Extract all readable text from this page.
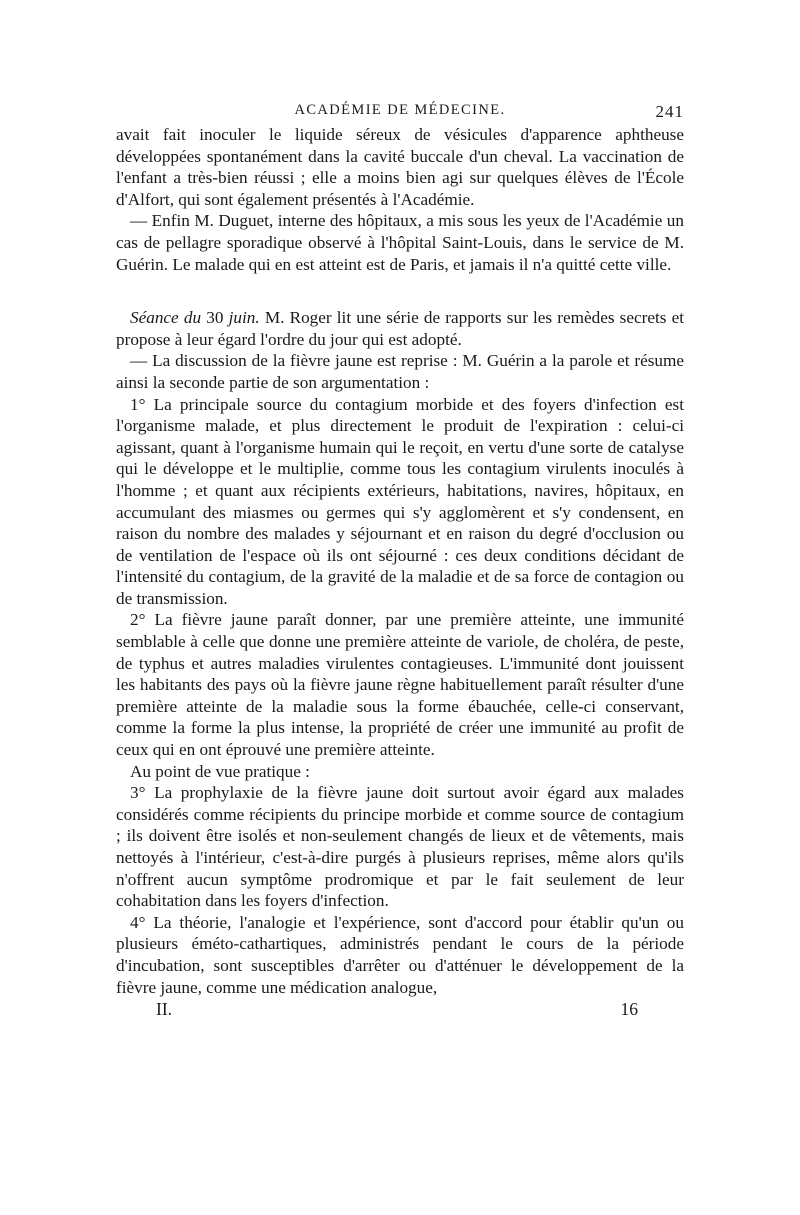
ACADÉMIE DE MÉDECINE.	241

avait fait inoculer le liquide séreux de vésicules d'apparence aphtheuse développées spontanément dans la cavité buccale d'un cheval. La vaccination de l'enfant a très-bien réussi ; elle a moins bien agi sur quelques élèves de l'École d'Alfort, qui sont également présentés à l'Académie.

— Enfin M. Duguet, interne des hôpitaux, a mis sous les yeux de l'Académie un cas de pellagre sporadique observé à l'hôpital Saint-Louis, dans le service de M. Guérin. Le malade qui en est atteint est de Paris, et jamais il n'a quitté cette ville.

Séance du 30 juin. M. Roger lit une série de rapports sur les remèdes secrets et propose à leur égard l'ordre du jour qui est adopté.

— La discussion de la fièvre jaune est reprise : M. Guérin a la parole et résume ainsi la seconde partie de son argumentation :

1° La principale source du contagium morbide et des foyers d'infection est l'organisme malade, et plus directement le produit de l'expiration : celui-ci agissant, quant à l'organisme humain qui le reçoit, en vertu d'une sorte de catalyse qui le développe et le multiplie, comme tous les contagium virulents inoculés à l'homme ; et quant aux récipients extérieurs, habitations, navires, hôpitaux, en accumulant des miasmes ou germes qui s'y agglomèrent et s'y condensent, en raison du nombre des malades y séjournant et en raison du degré d'occlusion ou de ventilation de l'espace où ils ont séjourné : ces deux conditions décidant de l'intensité du contagium, de la gravité de la maladie et de sa force de contagion ou de transmission.

2° La fièvre jaune paraît donner, par une première atteinte, une immunité semblable à celle que donne une première atteinte de variole, de choléra, de peste, de typhus et autres maladies virulentes contagieuses. L'immunité dont jouissent les habitants des pays où la fièvre jaune règne habituellement paraît résulter d'une première atteinte de la maladie sous la forme ébauchée, celle-ci conservant, comme la forme la plus intense, la propriété de créer une immunité au profit de ceux qui en ont éprouvé une première atteinte.

Au point de vue pratique :

3° La prophylaxie de la fièvre jaune doit surtout avoir égard aux malades considérés comme récipients du principe morbide et comme source de contagium ; ils doivent être isolés et non-seulement changés de lieux et de vêtements, mais nettoyés à l'intérieur, c'est-à-dire purgés à plusieurs reprises, même alors qu'ils n'offrent aucun symptôme prodromique et par le fait seulement de leur cohabitation dans les foyers d'infection.

4° La théorie, l'analogie et l'expérience, sont d'accord pour établir qu'un ou plusieurs éméto-cathartiques, administrés pendant le cours de la période d'incubation, sont susceptibles d'arrêter ou d'atténuer le développement de la fièvre jaune, comme une médication analogue,

II.	16
